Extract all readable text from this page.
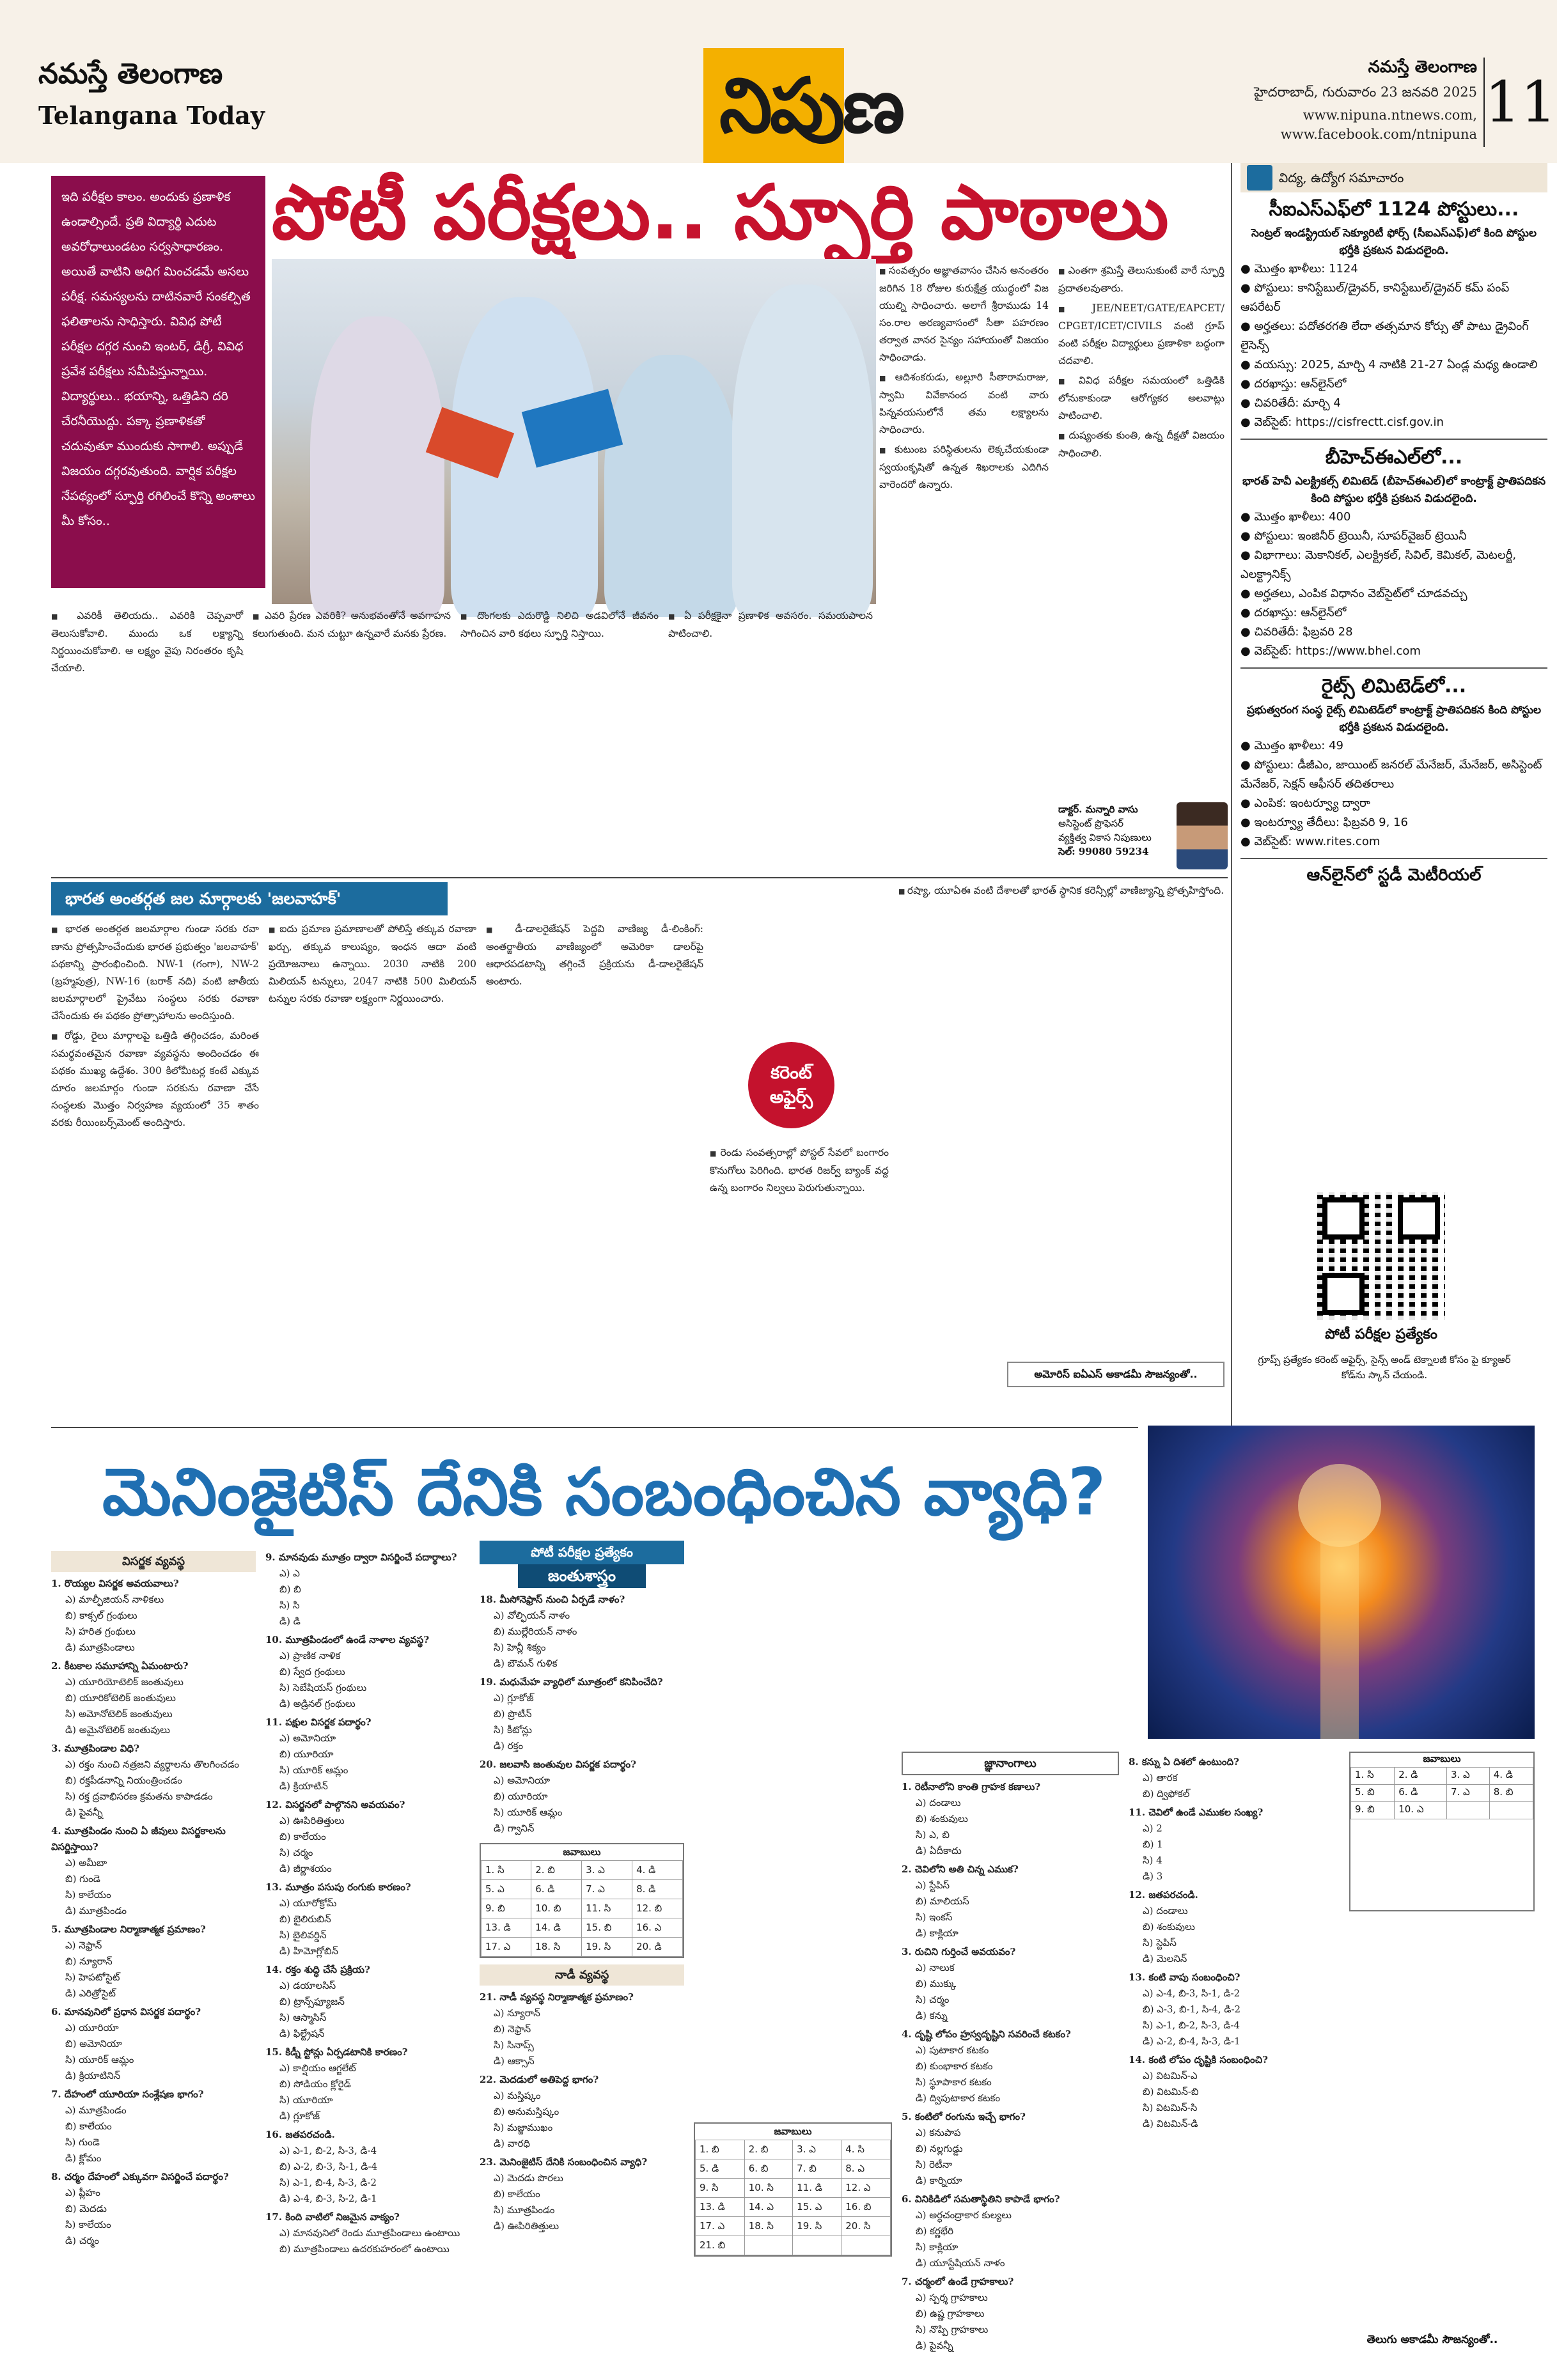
నమస్తే తెలంగాణ
Telangana Today	నిపుణ	నమస్తే తెలంగాణ
హైదరాబాద్, గురువారం 23 జనవరి 2025
www.nipuna.ntnews.com,
www.facebook.com/ntnipuna 11
ఇది పరీక్షల కాలం. అందుకు ప్రణాళిక ఉండాల్సిందే. ప్రతి విద్యార్థి ఎదుట అవరోధాలుండటం సర్వసాధారణం. అయితే వాటిని అధిగ మించడమే అసలు పరీక్ష. సమస్యలను దాటినవారే సంకల్పిత ఫలితాలను సాధిస్తారు. వివిధ పోటీ పరీక్షల దగ్గర నుంచి ఇంటర్, డిగ్రీ, వివిధ ప్రవేశ పరీక్షలు సమీపిస్తున్నాయి. విద్యార్థులు.. భయాన్ని, ఒత్తిడిని దరి చేరనీయొద్దు. పక్కా ప్రణాళికతో చదువుతూ ముందుకు సాగాలి. అప్పుడే విజయం దగ్గరవుతుంది. వార్షిక పరీక్షల నేపథ్యంలో స్ఫూర్తి రగిలించే కొన్ని అంశాలు మీ కోసం..
పోటీ పరీక్షలు.. స్ఫూర్తి పాఠాలు

■ సంవత్సరం అజ్ఞాతవాసం చేసిన అనంతరం జరిగిన 18 రోజుల కురుక్షేత్ర యుద్ధంలో విజ యుల్ని సాధించారు. అలాగే శ్రీరాముడు 14 సం.రాల అరణ్యవాసంలో సీతా పహరణం తర్వాత వానర సైన్యం సహాయంతో విజయం సాధించాడు.

■ ఆదిశంకరుడు, అల్లూరి సీతారామరాజు, స్వామి వివేకానంద వంటి వారు పిన్నవయసులోనే తమ లక్ష్యాలను సాధించారు.

■ కుటుంబ పరిస్థితులను లెక్కచేయకుండా స్వయంకృషితో ఉన్నత శిఖరాలకు ఎదిగిన వారెందరో ఉన్నారు.

■ ఎంతగా శ్రమిస్తే తెలుసుకుంటే వారే స్ఫూర్తి ప్రదాతలవుతారు.

■ JEE/NEET/GATE/EAPCET/ CPGET/ICET/CIVILS వంటి గ్రూప్ వంటి పరీక్షల విద్యార్థులు ప్రణాళికా బద్ధంగా చదవాలి.

■ వివిధ పరీక్షల సమయంలో ఒత్తిడికి లోనుకాకుండా ఆరోగ్యకర అలవాట్లు పాటించాలి.

■ దుష్యంతకు కుంతి, ఉన్న దీక్షతో విజయం సాధించాలి.

■ ఎవరికీ తెలియదు.. ఎవరికి చెప్పవారో తెలుసుకోవాలి. ముందు ఒక లక్ష్యాన్ని నిర్ణయించుకోవాలి. ఆ లక్ష్యం వైపు నిరంతరం కృషి చేయాలి.

■ ఎవరి ప్రేరణ ఎవరికి? అనుభవంతోనే అవగాహన కలుగుతుంది. మన చుట్టూ ఉన్నవారే మనకు ప్రేరణ.

■ దొంగలకు ఎదురొడ్డి నిలిచి అడవిలోనే జీవనం సాగించిన వారి కథలు స్ఫూర్తి నిస్తాయి.

■ ఏ పరీక్షకైనా ప్రణాళిక అవసరం. సమయపాలన పాటించాలి.

డాక్టర్. మన్నారి వాసు
అసిస్టెంట్ ప్రొఫెసర్
వ్యక్తిత్వ వికాస నిపుణులు
సెల్: 99080 59234
విద్య, ఉద్యోగ సమాచారం
సీఐఎస్ఎఫ్‌లో 1124 పోస్టులు...
సెంట్రల్ ఇండస్ట్రియల్ సెక్యూరిటీ ఫోర్స్ (సీఐఎస్ఎఫ్)లో కింది పోస్టుల భర్తీకి ప్రకటన విడుదలైంది.
● మొత్తం ఖాళీలు: 1124
● పోస్టులు: కానిస్టేబుల్/డ్రైవర్, కానిస్టేబుల్/డ్రైవర్ కమ్ పంప్ ఆపరేటర్
● అర్హతలు: పదోతరగతి లేదా తత్సమాన కోర్సు తో పాటు డ్రైవింగ్ లైసెన్స్
● వయస్సు: 2025, మార్చి 4 నాటికి 21-27 ఏండ్ల మధ్య ఉండాలి
● దరఖాస్తు: ఆన్‌లైన్‌లో
● చివరితేదీ: మార్చి 4
● వెబ్‌సైట్: https://cisfrectt.cisf.gov.in
బీహెచ్ఈఎల్‌లో...
భారత్ హెవీ ఎలక్ట్రికల్స్ లిమిటెడ్ (బీహెచ్ఈఎల్)లో కాంట్రాక్ట్ ప్రాతిపదికన కింది పోస్టుల భర్తీకి ప్రకటన విడుదలైంది.
● మొత్తం ఖాళీలు: 400
● పోస్టులు: ఇంజినీర్ ట్రెయినీ, సూపర్‌వైజర్ ట్రెయినీ
● విభాగాలు: మెకానికల్, ఎలక్ట్రికల్, సివిల్, కెమికల్, మెటలర్జీ, ఎలక్ట్రానిక్స్
● అర్హతలు, ఎంపిక విధానం వెబ్‌సైట్‌లో చూడవచ్చు
● దరఖాస్తు: ఆన్‌లైన్‌లో
● చివరితేదీ: ఫిబ్రవరి 28
● వెబ్‌సైట్: https://www.bhel.com
రైట్స్ లిమిటెడ్‌లో...
ప్రభుత్వరంగ సంస్థ రైట్స్ లిమిటెడ్‌లో కాంట్రాక్ట్ ప్రాతిపదికన కింది పోస్టుల భర్తీకి ప్రకటన విడుదలైంది.
● మొత్తం ఖాళీలు: 49
● పోస్టులు: డీజీఎం, జాయింట్ జనరల్ మేనేజర్, మేనేజర్, అసిస్టెంట్ మేనేజర్, సెక్షన్ ఆఫీసర్ తదితరాలు
● ఎంపిక: ఇంటర్వ్యూ ద్వారా
● ఇంటర్వ్యూ తేదీలు: ఫిబ్రవరి 9, 16
● వెబ్‌సైట్: www.rites.com
ఆన్‌లైన్‌లో స్టడీ మెటీరియల్
పోటీ పరీక్షల ప్రత్యేకం
గ్రూప్స్ ప్రత్యేకం కరెంట్ అఫైర్స్, సైన్స్ అండ్ టెక్నాలజీ కోసం పై క్యూఆర్ కోడ్‌ను స్కాన్ చేయండి.
భారత అంతర్గత జల మార్గాలకు 'జలవాహక్'

■ భారత అంతర్గత జలమార్గాల గుండా సరకు రవా ణాను ప్రోత్సహించేందుకు భారత ప్రభుత్వం 'జలవాహక్' పథకాన్ని ప్రారంభించింది. NW-1 (గంగా), NW-2 (బ్రహ్మపుత్ర), NW-16 (బరాక్ నది) వంటి జాతీయ జలమార్గాలలో ప్రైవేటు సంస్థలు సరకు రవాణా చేసేందుకు ఈ పథకం ప్రోత్సాహాలను అందిస్తుంది.

■ రోడ్డు, రైలు మార్గాలపై ఒత్తిడి తగ్గించడం, మరింత సమర్థవంతమైన రవాణా వ్యవస్థను అందించడం ఈ పథకం ముఖ్య ఉద్దేశం. 300 కిలోమీటర్ల కంటే ఎక్కువ దూరం జలమార్గం గుండా సరకును రవాణా చేసే సంస్థలకు మొత్తం నిర్వహణ వ్యయంలో 35 శాతం వరకు రీయింబర్స్‌మెంట్ అందిస్తారు.

■ ఐదు ప్రమాణ ప్రమాణాలతో పోలిస్తే తక్కువ రవాణా ఖర్చు, తక్కువ కాలుష్యం, ఇంధన ఆదా వంటి ప్రయోజనాలు ఉన్నాయి. 2030 నాటికి 200 మిలియన్ టన్నులు, 2047 నాటికి 500 మిలియన్ టన్నుల సరకు రవాణా లక్ష్యంగా నిర్ణయించారు.

■ డీ-డాలరైజేషన్ పెద్దవి వాణిజ్య డీ-లింకింగ్: అంతర్జాతీయ వాణిజ్యంలో అమెరికా డాలర్‌పై ఆధారపడటాన్ని తగ్గించే ప్రక్రియను డీ-డాలరైజేషన్ అంటారు.

■ రెండు సంవత్సరాల్లో పోస్టల్ సేవలో బంగారం కొనుగోలు పెరిగింది. భారత రిజర్వ్ బ్యాంక్ వద్ద ఉన్న బంగారం నిల్వలు పెరుగుతున్నాయి.

■ రష్యా, యూఏఈ వంటి దేశాలతో భారత్ స్థానిక కరెన్సీల్లో వాణిజ్యాన్ని ప్రోత్సహిస్తోంది.

కరెంట్ అఫైర్స్
అమోరిస్ ఐఏఎస్ అకాడమీ సౌజన్యంతో..
మెనింజైటిస్ దేనికి సంబంధించిన వ్యాధి?
విసర్జక వ్యవస్థ
1. రొయ్యల విసర్జక అవయవాలు?
ఎ) మాల్ఫీజియన్ నాళికలు
బి) కాక్సల్ గ్రంథులు
సి) హరిత గ్రంథులు
డి) మూత్రపిండాలు
2. కీటకాల సమూహాన్ని ఏమంటారు?
ఎ) యూరియోటెలిక్ జంతువులు
బి) యూరికోటెలిక్ జంతువులు
సి) అమోనోటెలిక్ జంతువులు
డి) అమైనోటెలిక్ జంతువులు
3. మూత్రపిండాల విధి?
ఎ) రక్తం నుంచి నత్రజని వ్యర్థాలను తొలగించడం
బి) రక్తపీడనాన్ని నియంత్రించడం
సి) రక్త ద్రవాభిసరణ క్రమతను కాపాడడం
డి) పైవన్నీ
4. మూత్రపిండం నుంచి ఏ జీవులు విసర్జకాలను విసర్జిస్తాయి?
ఎ) అమీబా
బి) గుండె
సి) కాలేయం
డి) మూత్రపిండం
5. మూత్రపిండాల నిర్మాణాత్మక ప్రమాణం?
ఎ) నెఫ్రాన్
బి) న్యూరాన్
సి) హెపటోసైట్
డి) ఎరిత్రోసైట్
6. మానవునిలో ప్రధాన విసర్జక పదార్థం?
ఎ) యూరియా
బి) అమోనియా
సి) యూరిక్ ఆమ్లం
డి) క్రియాటినిన్
7. దేహంలో యూరియా సంశ్లేషణ భాగం?
ఎ) మూత్రపిండం
బి) కాలేయం
సి) గుండె
డి) క్లోమం
8. చర్మం దేహంలో ఎక్కువగా విసర్జించే పదార్థం?
ఎ) ప్లీహం
బి) మెదడు
సి) కాలేయం
డి) చర్మం
9. మానవుడు మూత్రం ద్వారా విసర్జించే పదార్థాలు?
ఎ) ఎ
బి) బి
సి) సి
డి) డి
10. మూత్రపిండంలో ఉండే నాళాల వ్యవస్థ?
ఎ) ప్రాణిక నాళిక
బి) స్వేద గ్రంథులు
సి) సెబేషియస్ గ్రంథులు
డి) అడ్రినల్ గ్రంథులు
11. పక్షుల విసర్జక పదార్థం?
ఎ) అమోనియా
బి) యూరియా
సి) యూరిక్ ఆమ్లం
డి) క్రియాటిన్
12. విసర్జనలో పాల్గొనని అవయవం?
ఎ) ఊపిరితిత్తులు
బి) కాలేయం
సి) చర్మం
డి) జీర్ణాశయం
13. మూత్రం పసుపు రంగుకు కారణం?
ఎ) యూరోక్రోమ్
బి) బైలిరుబిన్
సి) బైలివర్డిన్
డి) హిమోగ్లోబిన్
14. రక్తం శుద్ధి చేసే ప్రక్రియ?
ఎ) డయాలసిస్
బి) ట్రాన్స్‌ఫ్యూజన్
సి) ఆస్మాసిస్
డి) ఫిల్ట్రేషన్
15. కిడ్నీ స్టోన్లు ఏర్పడటానికి కారణం?
ఎ) కాల్షియం ఆగ్జలేట్
బి) సోడియం క్లోరైడ్
సి) యూరియా
డి) గ్లూకోజ్
16. జతపరచండి.
ఎ) ఎ-1, బి-2, సి-3, డి-4
బి) ఎ-2, బి-3, సి-1, డి-4
సి) ఎ-1, బి-4, సి-3, డి-2
డి) ఎ-4, బి-3, సి-2, డి-1
17. కింది వాటిలో నిజమైన వాక్యం?
ఎ) మానవునిలో రెండు మూత్రపిండాలు ఉంటాయి
బి) మూత్రపిండాలు ఉదరకుహరంలో ఉంటాయి
పోటీ పరీక్షల ప్రత్యేకం
జంతుశాస్త్రం
18. మీసోనెఫ్రాస్ నుంచి ఏర్పడే నాళం?
ఎ) వోల్ఫియన్ నాళం
బి) ముల్లేరియన్ నాళం
సి) హెన్లీ శిక్యం
డి) బౌమన్ గుళిక
19. మధుమేహ వ్యాధిలో మూత్రంలో కనిపించేది?
ఎ) గ్లూకోజ్
బి) ప్రొటీన్
సి) కీటోన్లు
డి) రక్తం
20. జలవాసి జంతువుల విసర్జక పదార్థం?
ఎ) అమోనియా
బి) యూరియా
సి) యూరిక్ ఆమ్లం
డి) గ్వానిన్
జవాబులు
1. సి	2. బి	3. ఎ	4. డి
5. ఎ	6. డి	7. ఎ	8. డి
9. బి	10. బి	11. సి	12. బి
13. డి	14. డి	15. బి	16. ఎ
17. ఎ	18. సి	19. సి	20. డి
నాడీ వ్యవస్థ
21. నాడీ వ్యవస్థ నిర్మాణాత్మక ప్రమాణం?
ఎ) న్యూరాన్
బి) నెఫ్రాన్
సి) సినాప్స్
డి) ఆక్సాన్
22. మెదడులో అతిపెద్ద భాగం?
ఎ) మస్తిష్కం
బి) అనుమస్తిష్కం
సి) మజ్జాముఖం
డి) వారధి
23. మెనింజైటిస్ దేనికి సంబంధించిన వ్యాధి?
ఎ) మెదడు పొరలు
బి) కాలేయం
సి) మూత్రపిండం
డి) ఊపిరితిత్తులు
జవాబులు
1. బి	2. బి	3. ఎ	4. సి
5. డి	6. బి	7. బి	8. ఎ
9. సి	10. సి	11. డి	12. ఎ
13. డి	14. ఎ	15. ఎ	16. బి
17. ఎ	18. సి	19. సి	20. సి
21. బి			
జ్ఞానాంగాలు
1. రెటీనాలోని కాంతి గ్రాహక కణాలు?
ఎ) దండాలు
బి) శంకువులు
సి) ఎ, బి
డి) ఏదీకాదు
2. చెవిలోని అతి చిన్న ఎముక?
ఎ) స్టేపిస్
బి) మాలియస్
సి) ఇంకస్
డి) కాక్లియా
3. రుచిని గుర్తించే అవయవం?
ఎ) నాలుక
బి) ముక్కు
సి) చర్మం
డి) కన్ను
4. దృష్టి లోపం హ్రస్వదృష్టిని సవరించే కటకం?
ఎ) పుటాకార కటకం
బి) కుంభాకార కటకం
సి) స్థూపాకార కటకం
డి) ద్విపుటాకార కటకం
5. కంటిలో రంగును ఇచ్చే భాగం?
ఎ) కనుపాప
బి) నల్లగుడ్డు
సి) రెటీనా
డి) కార్నియా
6. వినికిడిలో సమతాస్థితిని కాపాడే భాగం?
ఎ) అర్ధచంద్రాకార కుల్యలు
బి) కర్ణభేరి
సి) కాక్లియా
డి) యూస్టేషియన్ నాళం
7. చర్మంలో ఉండే గ్రాహకాలు?
ఎ) స్పర్శ గ్రాహకాలు
బి) ఉష్ణ గ్రాహకాలు
సి) నొప్పి గ్రాహకాలు
డి) పైవన్నీ
8. కన్ను ఏ దిశలో ఉంటుంది?
ఎ) తారక
బి) ద్విఫోకల్
11. చెవిలో ఉండే ఎముకల సంఖ్య?
ఎ) 2
బి) 1
సి) 4
డి) 3
12. జతపరచండి.
ఎ) దండాలు
బి) శంకువులు
సి) స్టెపిస్
డి) మెలనిన్
13. కంటి వాపు సంబంధించి?
ఎ) ఎ-4, బి-3, సి-1, డి-2
బి) ఎ-3, బి-1, సి-4, డి-2
సి) ఎ-1, బి-2, సి-3, డి-4
డి) ఎ-2, బి-4, సి-3, డి-1
14. కంటి లోపం దృష్టికి సంబంధించి?
ఎ) విటమిన్-ఎ
బి) విటమిన్-బి
సి) విటమిన్-సి
డి) విటమిన్-డి
జవాబులు
1. సి	2. డి	3. ఎ	4. డి
5. బి	6. డి	7. ఎ	8. బి
9. బి	10. ఎ		
తెలుగు అకాడమీ సౌజన్యంతో..
